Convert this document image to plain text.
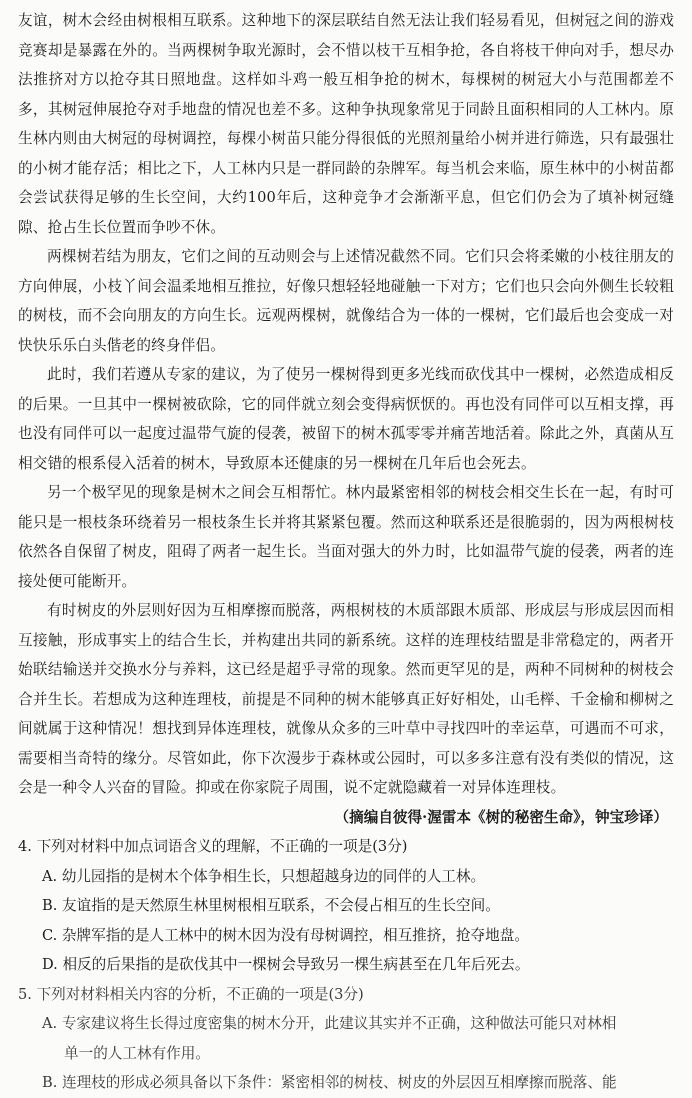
友谊，树木会经由树根相互联系。这种地下的深层联结自然无法让我们轻易看见，但树冠之间的游戏竞赛却是暴露在外的。当两棵树争取光源时，会不惜以枝干互相争抢，各自将枝干伸向对手，想尽办法推挤对方以抢夺其日照地盘。这样如斗鸡一般互相争抢的树木，每棵树的树冠大小与范围都差不多，其树冠伸展抢夺对手地盘的情况也差不多。这种争执现象常见于同龄且面积相同的人工林内。原生林内则由大树冠的母树调控，每棵小树苗只能分得很低的光照剂量给小树并进行筛选，只有最强壮的小树才能存活；相比之下，人工林内只是一群同龄的杂牌军。每当机会来临，原生林中的小树苗都会尝试获得足够的生长空间，大约100年后，这种竞争才会渐渐平息，但它们仍会为了填补树冠缝隙、抢占生长位置而争吵不休。

两棵树若结为朋友，它们之间的互动则会与上述情况截然不同。它们只会将柔嫩的小枝往朋友的方向伸展，小枝丫间会温柔地相互推拉，好像只想轻轻地碰触一下对方；它们也只会向外侧生长较粗的树枝，而不会向朋友的方向生长。远观两棵树，就像结合为一体的一棵树，它们最后也会变成一对快快乐乐白头偕老的终身伴侣。

此时，我们若遵从专家的建议，为了使另一棵树得到更多光线而砍伐其中一棵树，必然造成相反的后果。一旦其中一棵树被砍除，它的同伴就立刻会变得病恹恹的。再也没有同伴可以互相支撑，再也没有同伴可以一起度过温带气旋的侵袭，被留下的树木孤零零并痛苦地活着。除此之外，真菌从互相交错的根系侵入活着的树木，导致原本还健康的另一棵树在几年后也会死去。

另一个极罕见的现象是树木之间会互相帮忙。林内最紧密相邻的树枝会相交生长在一起，有时可能只是一根枝条环绕着另一根枝条生长并将其紧紧包覆。然而这种联系还是很脆弱的，因为两根树枝依然各自保留了树皮，阻碍了两者一起生长。当面对强大的外力时，比如温带气旋的侵袭，两者的连接处便可能断开。

有时树皮的外层则好因为互相摩擦而脱落，两根树枝的木质部跟木质部、形成层与形成层因而相互接触，形成事实上的结合生长，并构建出共同的新系统。这样的连理枝结盟是非常稳定的，两者开始联结输送并交换水分与养料，这已经是超乎寻常的现象。然而更罕见的是，两种不同树种的树枝会合并生长。若想成为这种连理枝，前提是不同种的树木能够真正好好相处，山毛榉、千金榆和柳树之间就属于这种情况！想找到异体连理枝，就像从众多的三叶草中寻找四叶的幸运草，可遇而不可求，需要相当奇特的缘分。尽管如此，你下次漫步于森林或公园时，可以多多注意有没有类似的情况，这会是一种令人兴奋的冒险。抑或在你家院子周围，说不定就隐藏着一对异体连理枝。

（摘编自彼得·渥雷本《树的秘密生命》，钟宝珍译）

4. 下列对材料中加点词语含义的理解，不正确的一项是(3分)

A. 幼儿园指的是树木个体争相生长，只想超越身边的同伴的人工林。

B. 友谊指的是天然原生林里树根相互联系，不会侵占相互的生长空间。

C. 杂牌军指的是人工林中的树木因为没有母树调控，相互推挤，抢夺地盘。

D. 相反的后果指的是砍伐其中一棵树会导致另一棵生病甚至在几年后死去。

5. 下列对材料相关内容的分析，不正确的一项是(3分)

A. 专家建议将生长得过度密集的树木分开，此建议其实并不正确，这种做法可能只对林相
单一的人工林有作用。

B. 连理枝的形成必须具备以下条件：紧密相邻的树枝、树皮的外层因互相摩擦而脱落、能
